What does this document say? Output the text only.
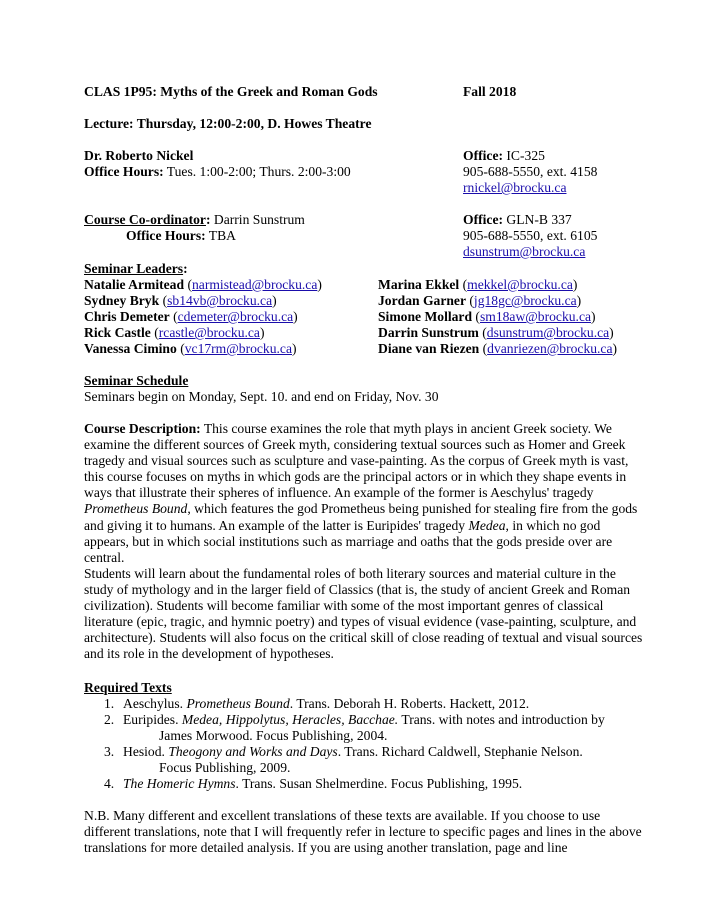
CLAS 1P95: Myths of the Greek and Roman Gods	Fall 2018
Lecture: Thursday, 12:00-2:00, D. Howes Theatre
Dr. Roberto Nickel
Office Hours: Tues. 1:00-2:00; Thurs. 2:00-3:00
Office: IC-325
905-688-5550, ext. 4158
rnickel@brocku.ca
Course Co-ordinator: Darrin Sunstrum
Office Hours: TBA
Office: GLN-B 337
905-688-5550, ext. 6105
dsunstrum@brocku.ca
Seminar Leaders:
Natalie Armitead (narmistead@brocku.ca)
Sydney Bryk (sb14vb@brocku.ca)
Chris Demeter (cdemeter@brocku.ca)
Rick Castle (rcastle@brocku.ca)
Vanessa Cimino (vc17rm@brocku.ca)
Marina Ekkel (mekkel@brocku.ca)
Jordan Garner (jg18gc@brocku.ca)
Simone Mollard (sm18aw@brocku.ca)
Darrin Sunstrum (dsunstrum@brocku.ca)
Diane van Riezen (dvanriezen@brocku.ca)
Seminar Schedule
Seminars begin on Monday, Sept. 10. and end on Friday, Nov. 30

Course Description: This course examines the role that myth plays in ancient Greek society. We examine the different sources of Greek myth, considering textual sources such as Homer and Greek tragedy and visual sources such as sculpture and vase-painting. As the corpus of Greek myth is vast, this course focuses on myths in which gods are the principal actors or in which they shape events in ways that illustrate their spheres of influence. An example of the former is Aeschylus' tragedy Prometheus Bound, which features the god Prometheus being punished for stealing fire from the gods and giving it to humans. An example of the latter is Euripides' tragedy Medea, in which no god appears, but in which social institutions such as marriage and oaths that the gods preside over are central.

Students will learn about the fundamental roles of both literary sources and material culture in the study of mythology and in the larger field of Classics (that is, the study of ancient Greek and Roman civilization). Students will become familiar with some of the most important genres of classical literature (epic, tragic, and hymnic poetry) and types of visual evidence (vase-painting, sculpture, and architecture). Students will also focus on the critical skill of close reading of textual and visual sources and its role in the development of hypotheses.

Required Texts
1. Aeschylus. Prometheus Bound. Trans. Deborah H. Roberts. Hackett, 2012.
2. Euripides. Medea, Hippolytus, Heracles, Bacchae. Trans. with notes and introduction by
James Morwood. Focus Publishing, 2004.
3. Hesiod. Theogony and Works and Days. Trans. Richard Caldwell, Stephanie Nelson.
Focus Publishing, 2009.
4. The Homeric Hymns. Trans. Susan Shelmerdine. Focus Publishing, 1995.
N.B. Many different and excellent translations of these texts are available. If you choose to use different translations, note that I will frequently refer in lecture to specific pages and lines in the above translations for more detailed analysis. If you are using another translation, page and line
